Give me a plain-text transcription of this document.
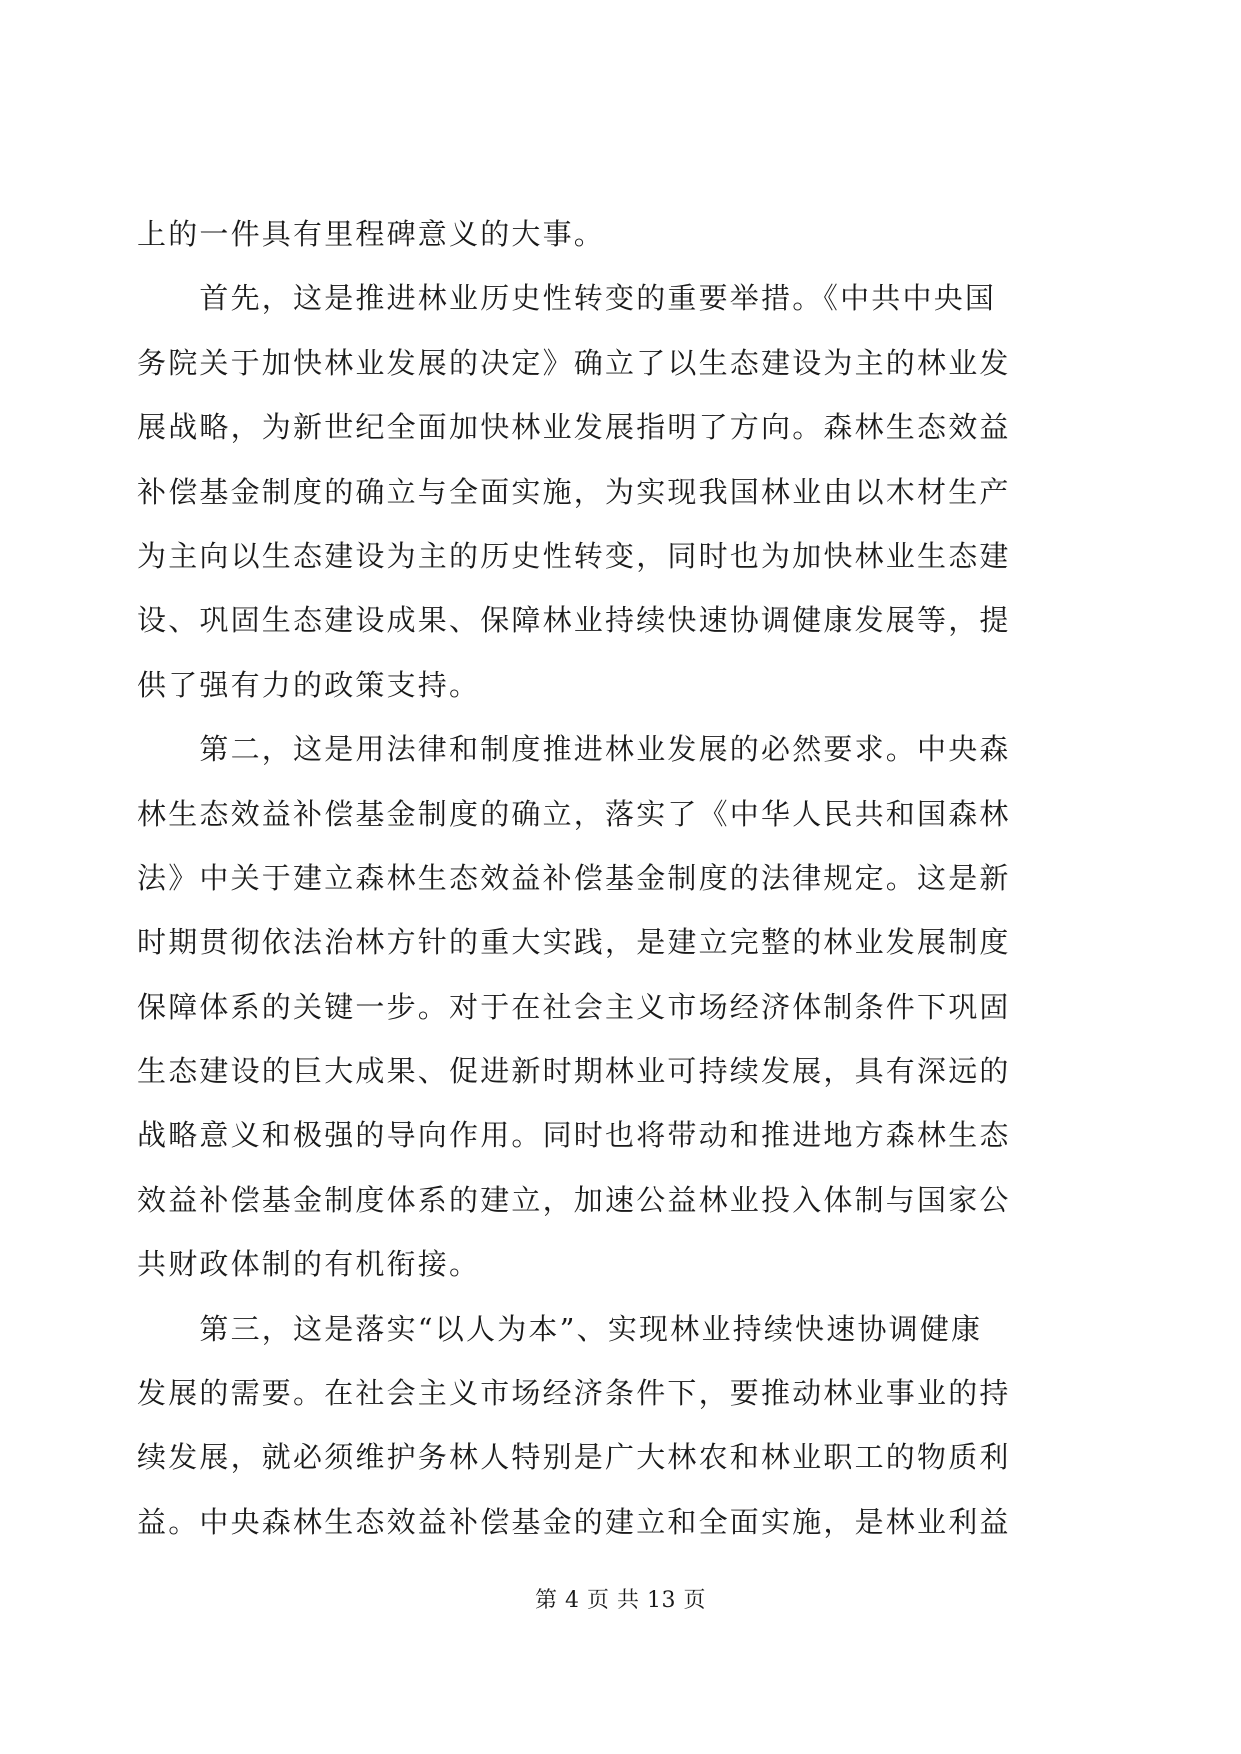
上的一件具有里程碑意义的大事。
　　首先，这是推进林业历史性转变的重要举措。《中共中央国
务院关于加快林业发展的决定》确立了以生态建设为主的林业发
展战略，为新世纪全面加快林业发展指明了方向。森林生态效益
补偿基金制度的确立与全面实施，为实现我国林业由以木材生产
为主向以生态建设为主的历史性转变，同时也为加快林业生态建
设、巩固生态建设成果、保障林业持续快速协调健康发展等，提
供了强有力的政策支持。
　　第二，这是用法律和制度推进林业发展的必然要求。中央森
林生态效益补偿基金制度的确立，落实了《中华人民共和国森林
法》中关于建立森林生态效益补偿基金制度的法律规定。这是新
时期贯彻依法治林方针的重大实践，是建立完整的林业发展制度
保障体系的关键一步。对于在社会主义市场经济体制条件下巩固
生态建设的巨大成果、促进新时期林业可持续发展，具有深远的
战略意义和极强的导向作用。同时也将带动和推进地方森林生态
效益补偿基金制度体系的建立，加速公益林业投入体制与国家公
共财政体制的有机衔接。
　　第三，这是落实“以人为本”、实现林业持续快速协调健康
发展的需要。在社会主义市场经济条件下，要推动林业事业的持
续发展，就必须维护务林人特别是广大林农和林业职工的物质利
益。中央森林生态效益补偿基金的建立和全面实施，是林业利益
第 4 页 共 13 页
